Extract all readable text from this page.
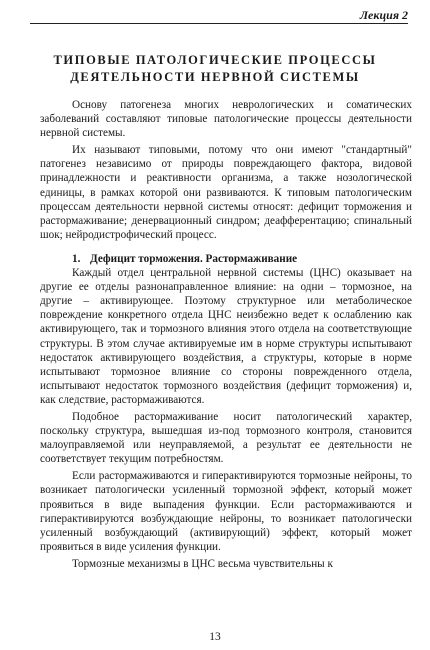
Лекция 2
ТИПОВЫЕ ПАТОЛОГИЧЕСКИЕ ПРОЦЕССЫ
ДЕЯТЕЛЬНОСТИ НЕРВНОЙ СИСТЕМЫ

Основу патогенеза многих неврологических и соматических заболеваний составляют типовые патологические процессы деятельности нервной системы.

Их называют типовыми, потому что они имеют "стандартный" патогенез независимо от природы повреждающего фактора, видовой принадлежности и реактивности организма, а также нозологической единицы, в рамках которой они развиваются. К типовым патологическим процессам деятельности нервной системы относят: дефицит торможения и растормаживание; денервационный синдром; деафферентацию; спинальный шок; нейродистрофический процесс.

1. Дефицит торможения. Растормаживание

Каждый отдел центральной нервной системы (ЦНС) оказывает на другие ее отделы разнонаправленное влияние: на одни – тормозное, на другие – активирующее. Поэтому структурное или метаболическое повреждение конкретного отдела ЦНС неизбежно ведет к ослаблению как активирующего, так и тормозного влияния этого отдела на соответствующие структуры. В этом случае активируемые им в норме структуры испытывают недостаток активирующего воздействия, а структуры, которые в норме испытывают тормозное влияние со стороны поврежденного отдела, испытывают недостаток тормозного воздействия (дефицит торможения) и, как следствие, растормаживаются.

Подобное растормаживание носит патологический характер, поскольку структура, вышедшая из-под тормозного контроля, становится малоуправляемой или неуправляемой, а результат ее деятельности не соответствует текущим потребностям.

Если растормаживаются и гиперактивируются тормозные нейроны, то возникает патологически усиленный тормозной эффект, который может проявиться в виде выпадения функции. Если растормаживаются и гиперактивируются возбуждающие нейроны, то возникает патологически усиленный возбуждающий (активирующий) эффект, который может проявиться в виде усиления функции.

Тормозные механизмы в ЦНС весьма чувствительны к

13
